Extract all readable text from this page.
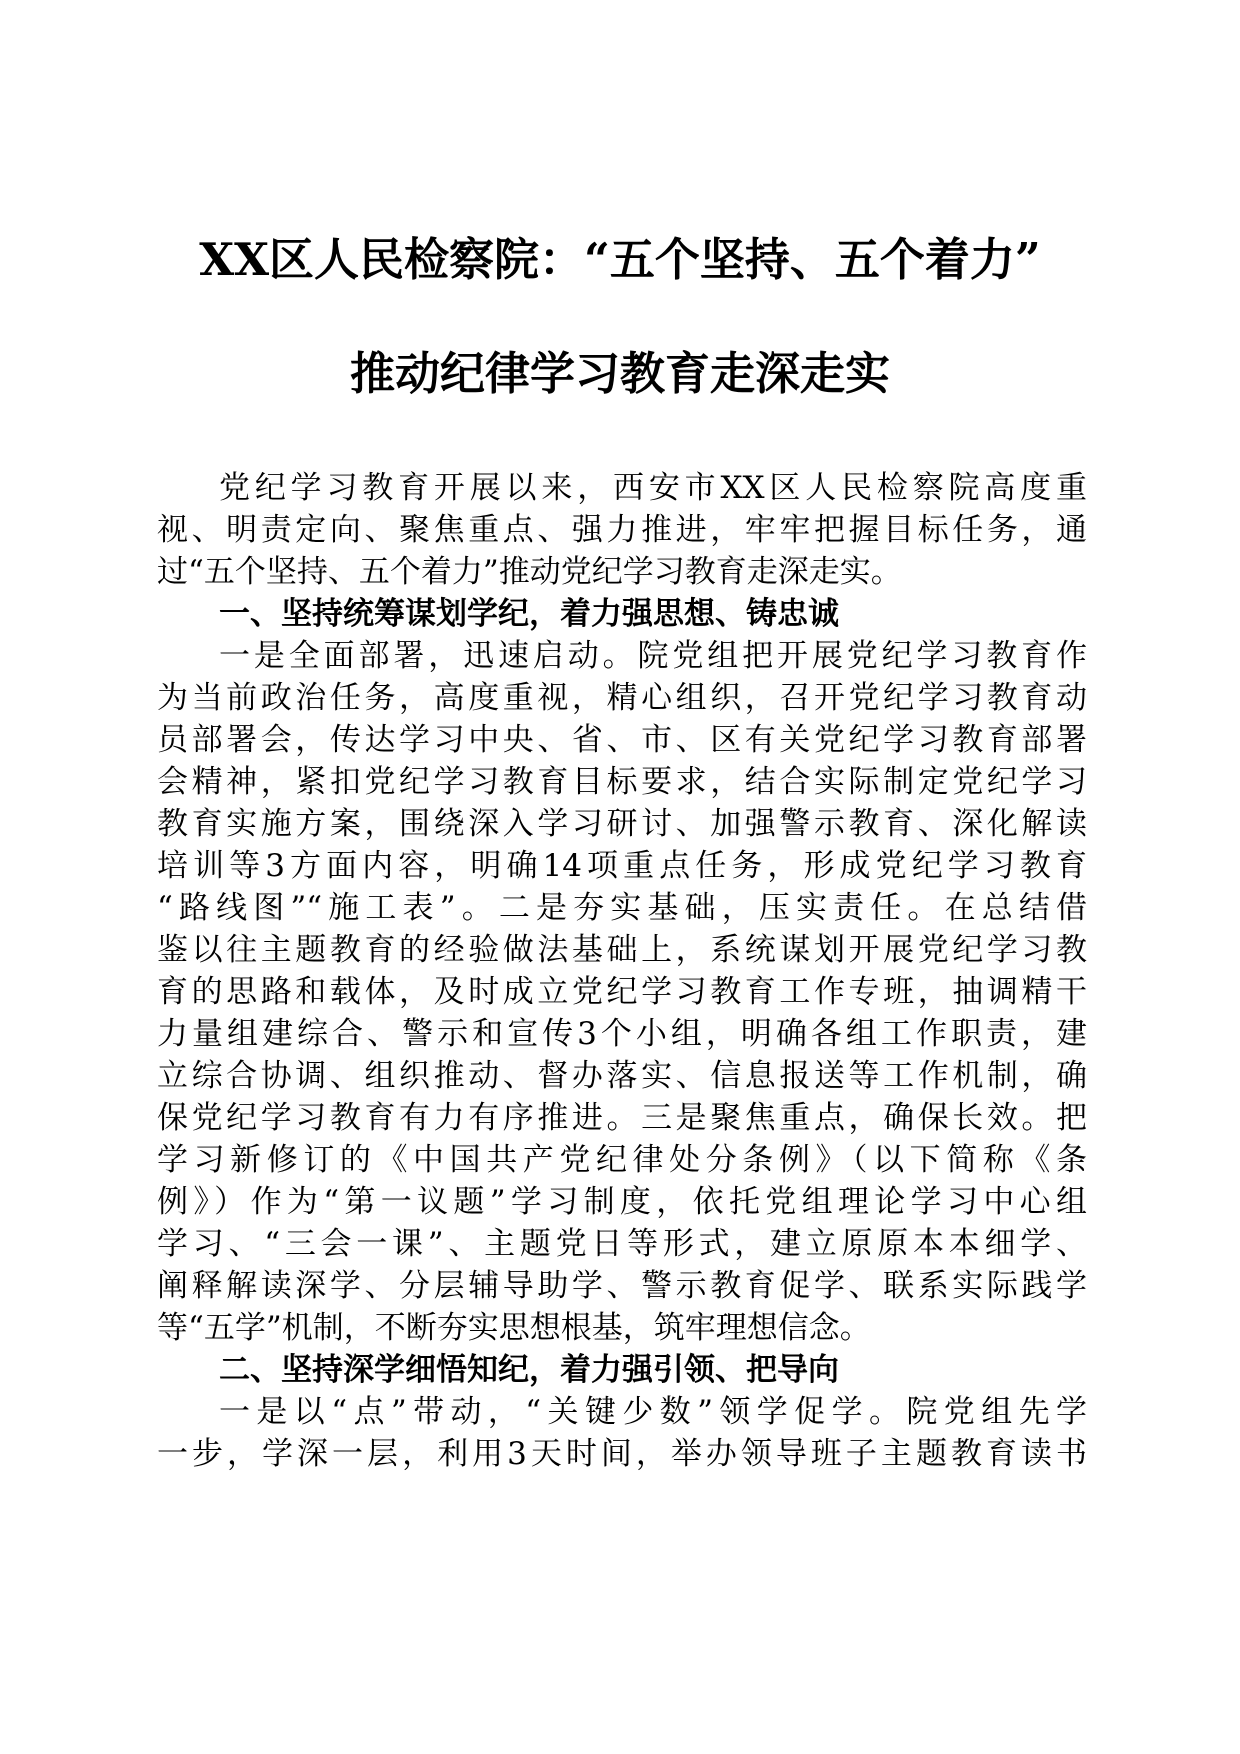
XX区人民检察院：“五个坚持、五个着力”
推动纪律学习教育走深走实
党纪学习教育开展以来，西安市XX区人民检察院高度重
视、明责定向、聚焦重点、强力推进，牢牢把握目标任务，通
过“五个坚持、五个着力”推动党纪学习教育走深走实。
一、坚持统筹谋划学纪，着力强思想、铸忠诚
一是全面部署，迅速启动。院党组把开展党纪学习教育作
为当前政治任务，高度重视，精心组织，召开党纪学习教育动
员部署会，传达学习中央、省、市、区有关党纪学习教育部署
会精神，紧扣党纪学习教育目标要求，结合实际制定党纪学习
教育实施方案，围绕深入学习研讨、加强警示教育、深化解读
培训等3方面内容，明确14项重点任务，形成党纪学习教育
“路线图”“施工表”。二是夯实基础，压实责任。在总结借
鉴以往主题教育的经验做法基础上，系统谋划开展党纪学习教
育的思路和载体，及时成立党纪学习教育工作专班，抽调精干
力量组建综合、警示和宣传3个小组，明确各组工作职责，建
立综合协调、组织推动、督办落实、信息报送等工作机制，确
保党纪学习教育有力有序推进。三是聚焦重点，确保长效。把
学习新修订的《中国共产党纪律处分条例》（以下简称《条
例》）作为“第一议题”学习制度，依托党组理论学习中心组
学习、“三会一课”、主题党日等形式，建立原原本本细学、
阐释解读深学、分层辅导助学、警示教育促学、联系实际践学
等“五学”机制，不断夯实思想根基，筑牢理想信念。
二、坚持深学细悟知纪，着力强引领、把导向
一是以“点”带动，“关键少数”领学促学。院党组先学
一步，学深一层，利用3天时间，举办领导班子主题教育读书
